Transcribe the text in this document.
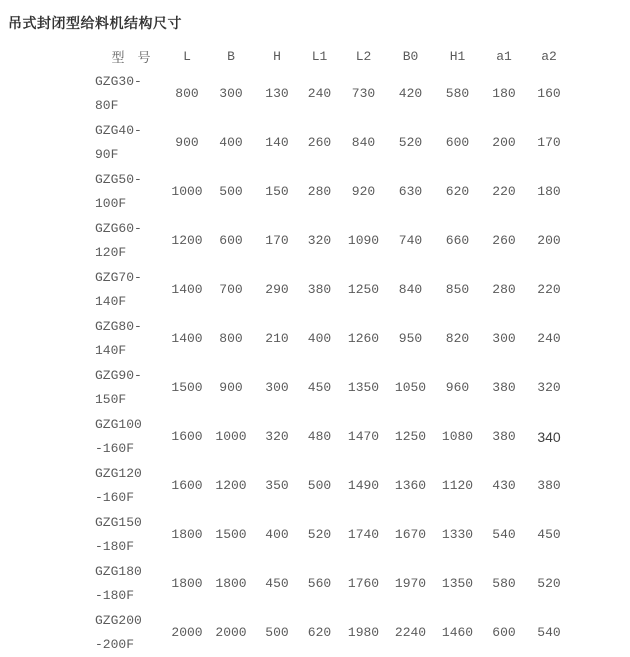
吊式封闭型给料机结构尺寸
型　号	L	B	H	L1	L2	B0	H1	a1	a2
GZG30-
80F	800	300	130	240	730	420	580	180	160
GZG40-
90F	900	400	140	260	840	520	600	200	170
GZG50-
100F	1000	500	150	280	920	630	620	220	180
GZG60-
120F	1200	600	170	320	1090	740	660	260	200
GZG70-
140F	1400	700	290	380	1250	840	850	280	220
GZG80-
140F	1400	800	210	400	1260	950	820	300	240
GZG90-
150F	1500	900	300	450	1350	1050	960	380	320
GZG100
-160F	1600	1000	320	480	1470	1250	1080	380	340
GZG120
-160F	1600	1200	350	500	1490	1360	1120	430	380
GZG150
-180F	1800	1500	400	520	1740	1670	1330	540	450
GZG180
-180F	1800	1800	450	560	1760	1970	1350	580	520
GZG200
-200F	2000	2000	500	620	1980	2240	1460	600	540
